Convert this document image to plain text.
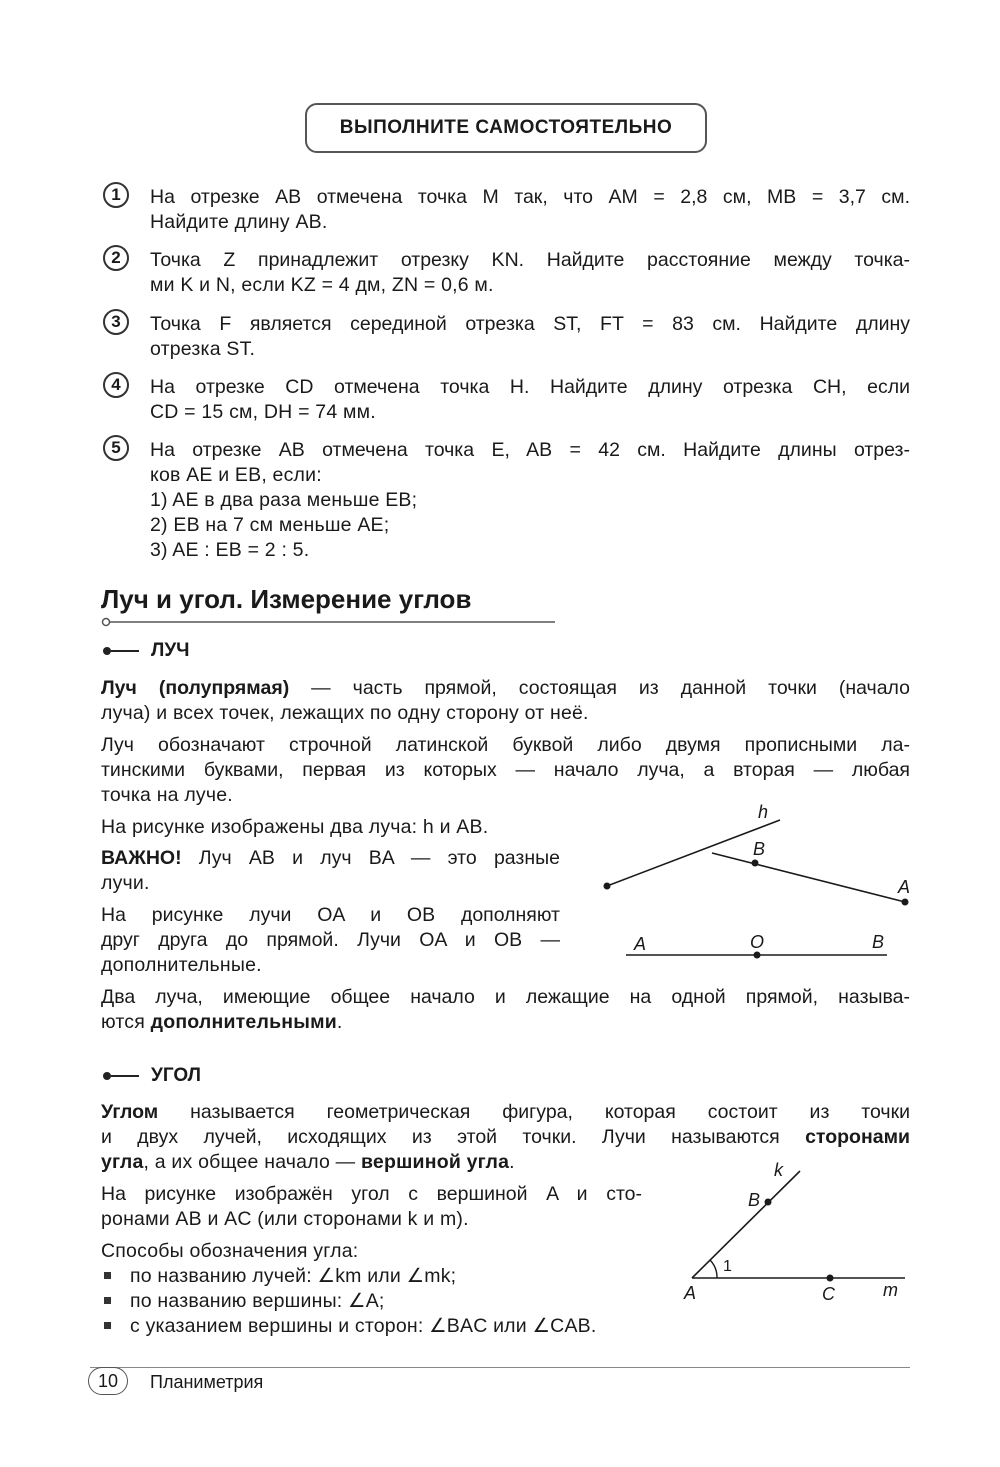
ВЫПОЛНИТЕ САМОСТОЯТЕЛЬНО
1	На отрезке AB отмечена точка M так, что AM = 2,8 см, MB = 3,7 см.
Найдите длину AB.
2	Точка Z принадлежит отрезку KN. Найдите расстояние между точка-
ми K и N, если KZ = 4 дм, ZN = 0,6 м.
3	Точка F является серединой отрезка ST, FT = 83 см. Найдите длину
отрезка ST.
4	На отрезке CD отмечена точка H. Найдите длину отрезка CH, если
CD = 15 см, DH = 74 мм.
5	На отрезке AB отмечена точка E, AB = 42 см. Найдите длины отрез-
ков AE и EB, если:
1) AE в два раза меньше EB;
2) EB на 7 см меньше AE;
3) AE : EB = 2 : 5.
Луч и угол. Измерение углов
ЛУЧ
Луч (полупрямая) — часть прямой, состоящая из данной точки (начало
луча) и всех точек, лежащих по одну сторону от неё.
Луч обозначают строчной латинской буквой либо двумя прописными ла-
тинскими буквами, первая из которых — начало луча, а вторая — любая
точка на луче.
На рисунке изображены два луча: h и AB.
ВАЖНО! Луч AB и луч BA — это разные
лучи.
На рисунке лучи OA и OB дополняют
друг друга до прямой. Лучи OA и OB —
дополнительные.
Два луча, имеющие общее начало и лежащие на одной прямой, называ-
ются дополнительными.
h
B
A
A	O	B
УГОЛ
Углом называется геометрическая фигура, которая состоит из точки
и двух лучей, исходящих из этой точки. Лучи называются сторонами
угла, а их общее начало — вершиной угла.
На рисунке изображён угол с вершиной A и сто-
ронами AB и AC (или сторонами k и m).
Способы обозначения угла:
по названию лучей: ∠km или ∠mk;
по названию вершины: ∠A;
с указанием вершины и сторон: ∠BAC или ∠CAB.
k
B
1
A	C	m
10	Планиметрия
